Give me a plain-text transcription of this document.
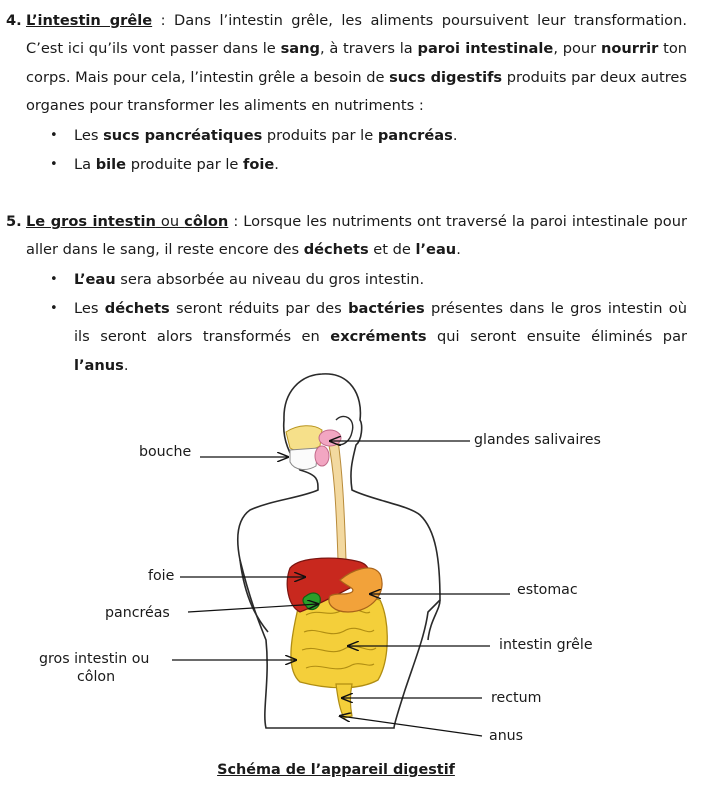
4. L’intestin grêle : Dans l’intestin grêle, les aliments poursuivent leur transformation. C’est ici qu’ils vont passer dans le sang, à travers la paroi intestinale, pour nourrir ton corps. Mais pour cela, l’intestin grêle a besoin de sucs digestifs produits par deux autres organes pour transformer les aliments en nutriments :
• Les sucs pancréatiques produits par le pancréas.
• La bile produite par le foie.
5. Le gros intestin ou côlon : Lorsque les nutriments ont traversé la paroi intestinale pour aller dans le sang, il reste encore des déchets et de l’eau.
• L’eau sera absorbée au niveau du gros intestin.
• Les déchets seront réduits par des bactéries présentes dans le gros intestin où ils seront alors transformés en excréments qui seront ensuite éliminés par l’anus.
bouche
glandes salivaires
foie
estomac
pancréas
intestin grêle
gros intestin ou
côlon
rectum
anus
Schéma de l’appareil digestif
